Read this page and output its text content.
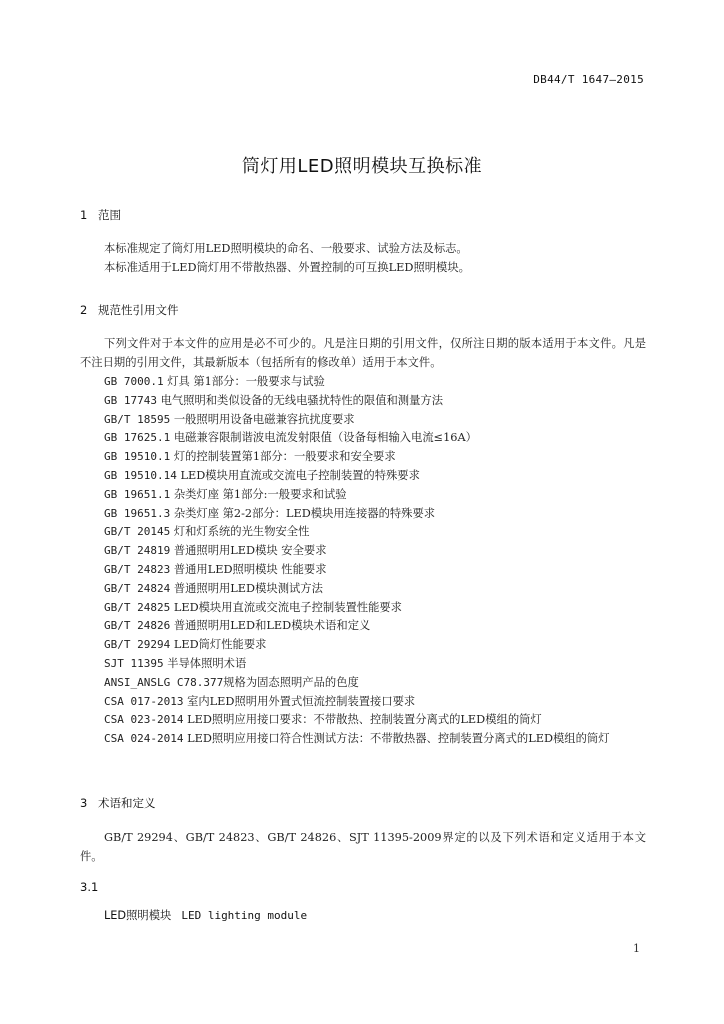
DB44/T 1647—2015
筒灯用LED照明模块互换标准
1 范围

本标准规定了筒灯用LED照明模块的命名、一般要求、试验方法及标志。

本标准适用于LED筒灯用不带散热器、外置控制的可互换LED照明模块。

2 规范性引用文件

下列文件对于本文件的应用是必不可少的。凡是注日期的引用文件，仅所注日期的版本适用于本文件。凡是不注日期的引用文件，其最新版本（包括所有的修改单）适用于本文件。

GB 7000.1 灯具 第1部分：一般要求与试验
GB 17743 电气照明和类似设备的无线电骚扰特性的限值和测量方法
GB/T 18595 一般照明用设备电磁兼容抗扰度要求
GB 17625.1 电磁兼容限制谐波电流发射限值（设备每相输入电流≤16A）
GB 19510.1 灯的控制装置第1部分：一般要求和安全要求
GB 19510.14 LED模块用直流或交流电子控制装置的特殊要求
GB 19651.1 杂类灯座 第1部分:一般要求和试验
GB 19651.3 杂类灯座 第2-2部分：LED模块用连接器的特殊要求
GB/T 20145 灯和灯系统的光生物安全性
GB/T 24819 普通照明用LED模块 安全要求
GB/T 24823 普通用LED照明模块 性能要求
GB/T 24824 普通照明用LED模块测试方法
GB/T 24825 LED模块用直流或交流电子控制装置性能要求
GB/T 24826 普通照明用LED和LED模块术语和定义
GB/T 29294 LED筒灯性能要求
SJT 11395 半导体照明术语
ANSI_ANSLG C78.377规格为固态照明产品的色度
CSA 017-2013 室内LED照明用外置式恒流控制装置接口要求
CSA 023-2014 LED照明应用接口要求：不带散热、控制装置分离式的LED模组的筒灯
CSA 024-2014 LED照明应用接口符合性测试方法：不带散热器、控制装置分离式的LED模组的筒灯
3 术语和定义

GB/T 29294、GB/T 24823、GB/T 24826、SJT 11395-2009界定的以及下列术语和定义适用于本文件。

3.1
LED照明模块 LED lighting module
1
